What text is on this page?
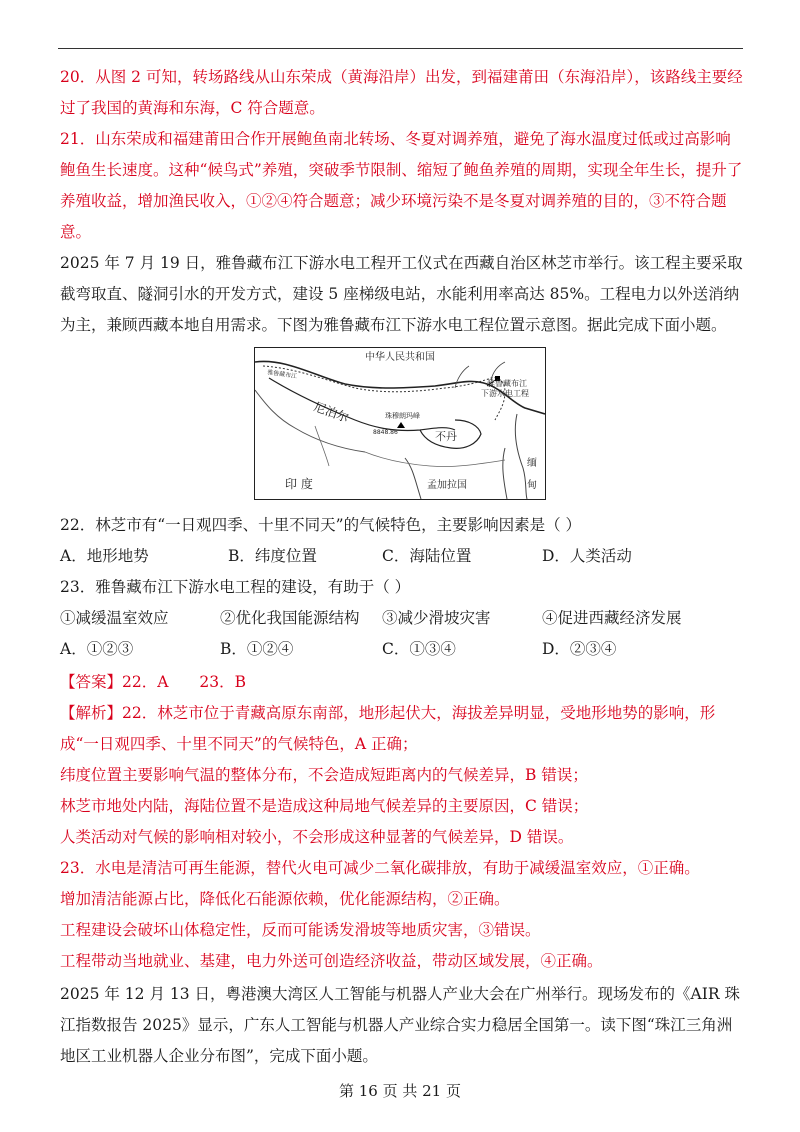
20．从图 2 可知，转场路线从山东荣成（黄海沿岸）出发，到福建莆田（东海沿岸），该路线主要经过了我国的黄海和东海，C 符合题意。

21．山东荣成和福建莆田合作开展鲍鱼南北转场、冬夏对调养殖，避免了海水温度过低或过高影响鲍鱼生长速度。这种“候鸟式”养殖，突破季节限制、缩短了鲍鱼养殖的周期，实现全年生长，提升了养殖收益，增加渔民收入，①②④符合题意；减少环境污染不是冬夏对调养殖的目的，③不符合题意。

2025 年 7 月 19 日，雅鲁藏布江下游水电工程开工仪式在西藏自治区林芝市举行。该工程主要采取截弯取直、隧洞引水的开发方式，建设 5 座梯级电站，水能利用率高达 85%。工程电力以外送消纳为主，兼顾西藏本地自用需求。下图为雅鲁藏布江下游水电工程位置示意图。据此完成下面小题。

中华人民共和国
雅鲁藏布江
下游水电工程
尼泊尔	珠穆朗玛峰
8848.86	不丹
印 度	孟加拉国
缅
甸
雅鲁藏布江

22．林芝市有“一日观四季、十里不同天”的气候特色，主要影响因素是（ ）

A．地形地势	B．纬度位置	C．海陆位置	D．人类活动

23．雅鲁藏布江下游水电工程的建设，有助于（ ）

①减缓温室效应	②优化我国能源结构 ③减少滑坡灾害	④促进西藏经济发展
A．①②③	B．①②④	C．①③④	D．②③④

【答案】22．A　　23．B

【解析】22．林芝市位于青藏高原东南部，地形起伏大，海拔差异明显，受地形地势的影响，形成“一日观四季、十里不同天”的气候特色，A 正确；

纬度位置主要影响气温的整体分布，不会造成短距离内的气候差异，B 错误；

林芝市地处内陆，海陆位置不是造成这种局地气候差异的主要原因，C 错误；

人类活动对气候的影响相对较小，不会形成这种显著的气候差异，D 错误。

23．水电是清洁可再生能源，替代火电可减少二氧化碳排放，有助于减缓温室效应，①正确。

增加清洁能源占比，降低化石能源依赖，优化能源结构，②正确。

工程建设会破坏山体稳定性，反而可能诱发滑坡等地质灾害，③错误。

工程带动当地就业、基建，电力外送可创造经济收益，带动区域发展，④正确。

2025 年 12 月 13 日，粤港澳大湾区人工智能与机器人产业大会在广州举行。现场发布的《AIR 珠江指数报告 2025》显示，广东人工智能与机器人产业综合实力稳居全国第一。读下图“珠江三角洲地区工业机器人企业分布图”，完成下面小题。

第 16 页 共 21 页
